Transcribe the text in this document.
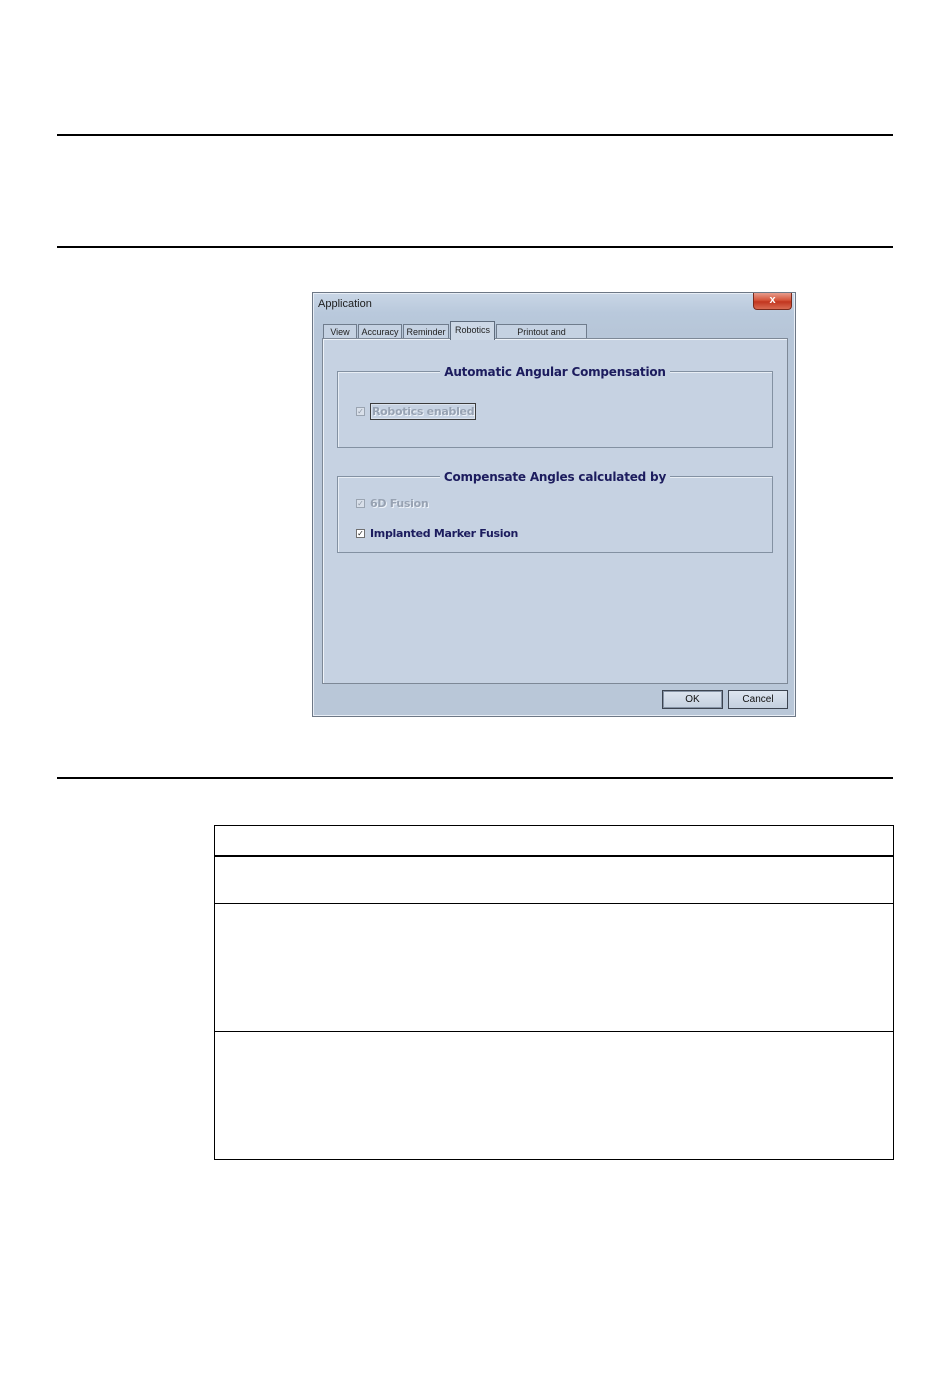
Application	x
View	Accuracy Reminder	Robotics	Printout and
Automatic Angular Compensation
✓ Robotics enabled
Compensate Angles calculated by
✓ 6D Fusion
✓ Implanted Marker Fusion
OK	Cancel
